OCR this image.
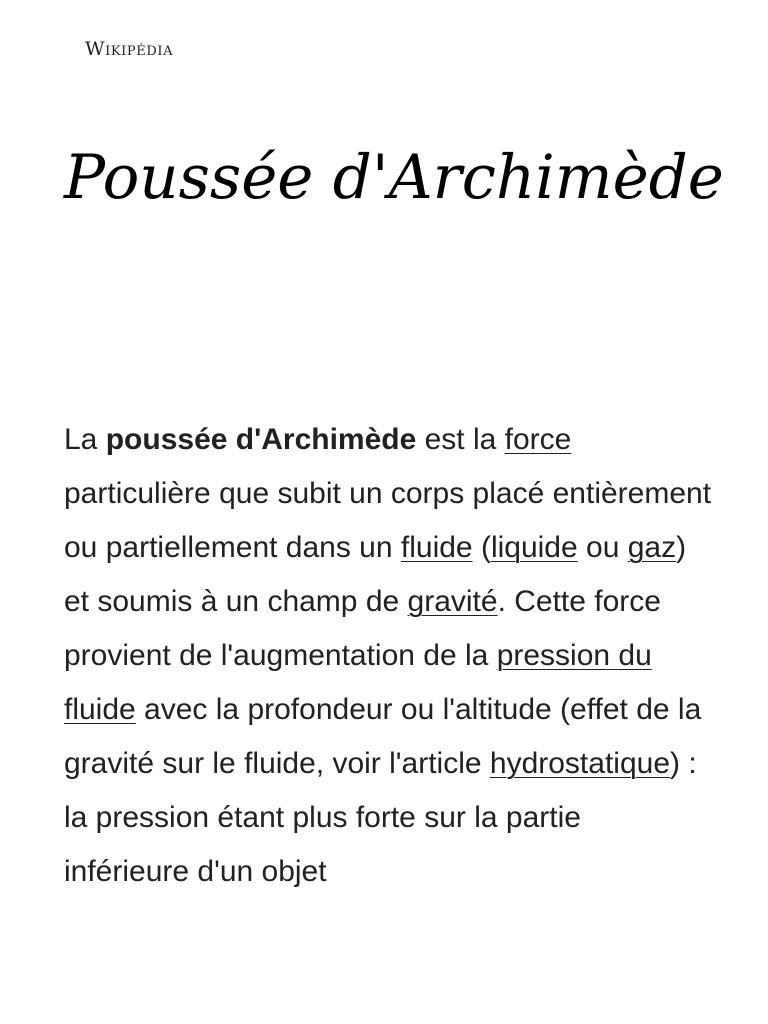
Wikipédia
Poussée d'Archimède

La poussée d'Archimède est la force particulière que subit un corps placé entièrement ou partiellement dans un fluide (liquide ou gaz) et soumis à un champ de gravité. Cette force provient de l'augmentation de la pression du fluide avec la profondeur ou l'altitude (effet de la gravité sur le fluide, voir l'article hydrostatique) : la pression étant plus forte sur la partie inférieure d'un objet
